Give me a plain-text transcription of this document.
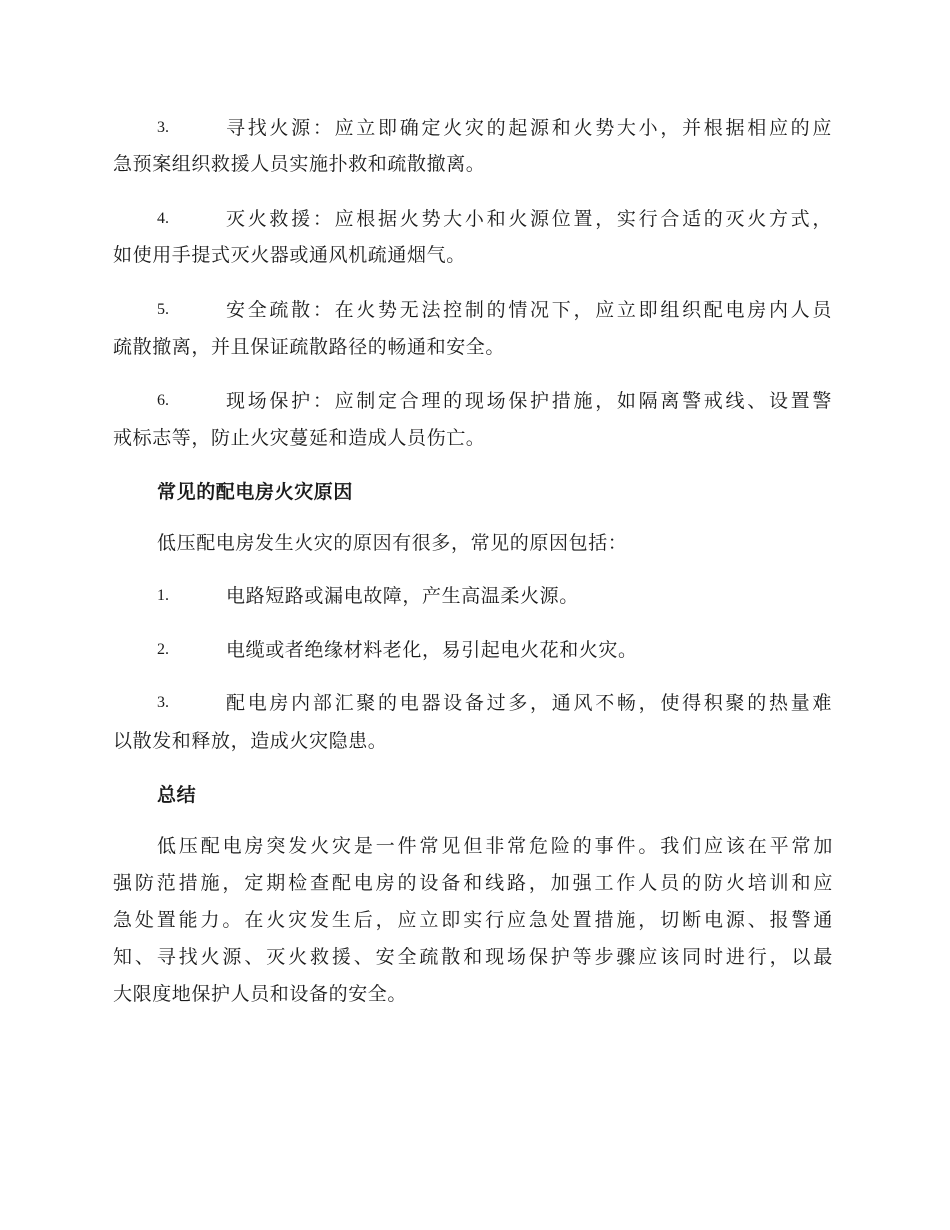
3.	寻找火源：应立即确定火灾的起源和火势大小，并根据相应的应
急预案组织救援人员实施扑救和疏散撤离。
4.	灭火救援：应根据火势大小和火源位置，实行合适的灭火方式，
如使用手提式灭火器或通风机疏通烟气。
5.	安全疏散：在火势无法控制的情况下，应立即组织配电房内人员
疏散撤离，并且保证疏散路径的畅通和安全。
6.	现场保护：应制定合理的现场保护措施，如隔离警戒线、设置警
戒标志等，防止火灾蔓延和造成人员伤亡。
常见的配电房火灾原因
低压配电房发生火灾的原因有很多，常见的原因包括：
1.	电路短路或漏电故障，产生高温柔火源。
2.	电缆或者绝缘材料老化，易引起电火花和火灾。
3.	配电房内部汇聚的电器设备过多，通风不畅，使得积聚的热量难
以散发和释放，造成火灾隐患。
总结
低压配电房突发火灾是一件常见但非常危险的事件。我们应该在平常加
强防范措施，定期检查配电房的设备和线路，加强工作人员的防火培训和应
急处置能力。在火灾发生后，应立即实行应急处置措施，切断电源、报警通
知、寻找火源、灭火救援、安全疏散和现场保护等步骤应该同时进行，以最
大限度地保护人员和设备的安全。
